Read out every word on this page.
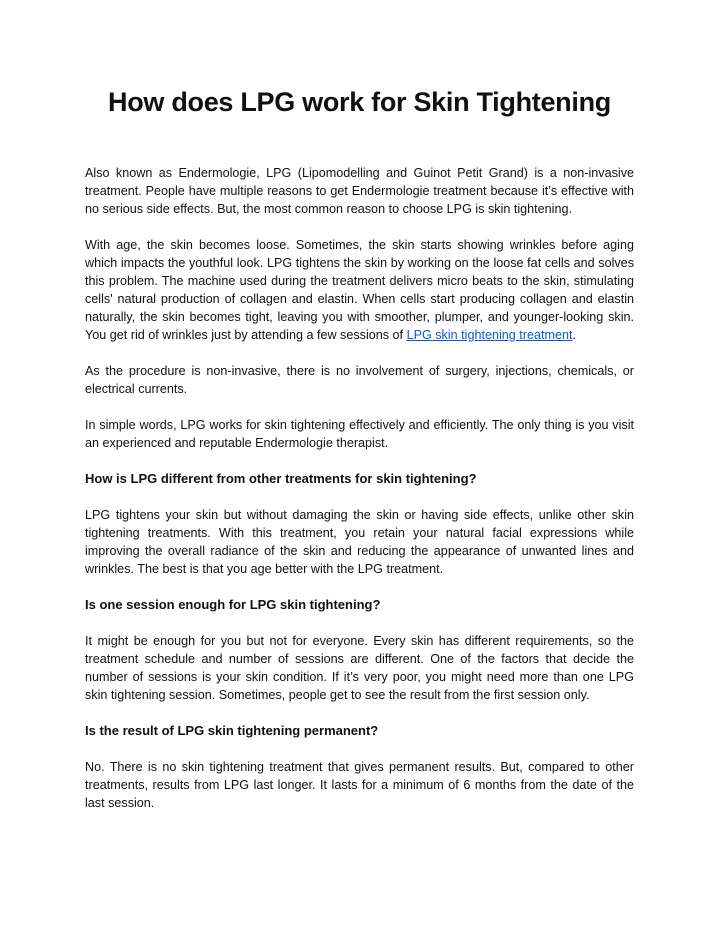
How does LPG work for Skin Tightening

Also known as Endermologie, LPG (Lipomodelling and Guinot Petit Grand) is a non-invasive treatment. People have multiple reasons to get Endermologie treatment because it’s effective with no serious side effects. But, the most common reason to choose LPG is skin tightening.

With age, the skin becomes loose. Sometimes, the skin starts showing wrinkles before aging which impacts the youthful look. LPG tightens the skin by working on the loose fat cells and solves this problem. The machine used during the treatment delivers micro beats to the skin, stimulating cells' natural production of collagen and elastin. When cells start producing collagen and elastin naturally, the skin becomes tight, leaving you with smoother, plumper, and younger-looking skin. You get rid of wrinkles just by attending a few sessions of LPG skin tightening treatment.

As the procedure is non-invasive, there is no involvement of surgery, injections, chemicals, or electrical currents.

In simple words, LPG works for skin tightening effectively and efficiently. The only thing is you visit an experienced and reputable Endermologie therapist.

How is LPG different from other treatments for skin tightening?

LPG tightens your skin but without damaging the skin or having side effects, unlike other skin tightening treatments. With this treatment, you retain your natural facial expressions while improving the overall radiance of the skin and reducing the appearance of unwanted lines and wrinkles. The best is that you age better with the LPG treatment.

Is one session enough for LPG skin tightening?

It might be enough for you but not for everyone. Every skin has different requirements, so the treatment schedule and number of sessions are different. One of the factors that decide the number of sessions is your skin condition. If it’s very poor, you might need more than one LPG skin tightening session. Sometimes, people get to see the result from the first session only.

Is the result of LPG skin tightening permanent?

No. There is no skin tightening treatment that gives permanent results. But, compared to other treatments, results from LPG last longer. It lasts for a minimum of 6 months from the date of the last session.
